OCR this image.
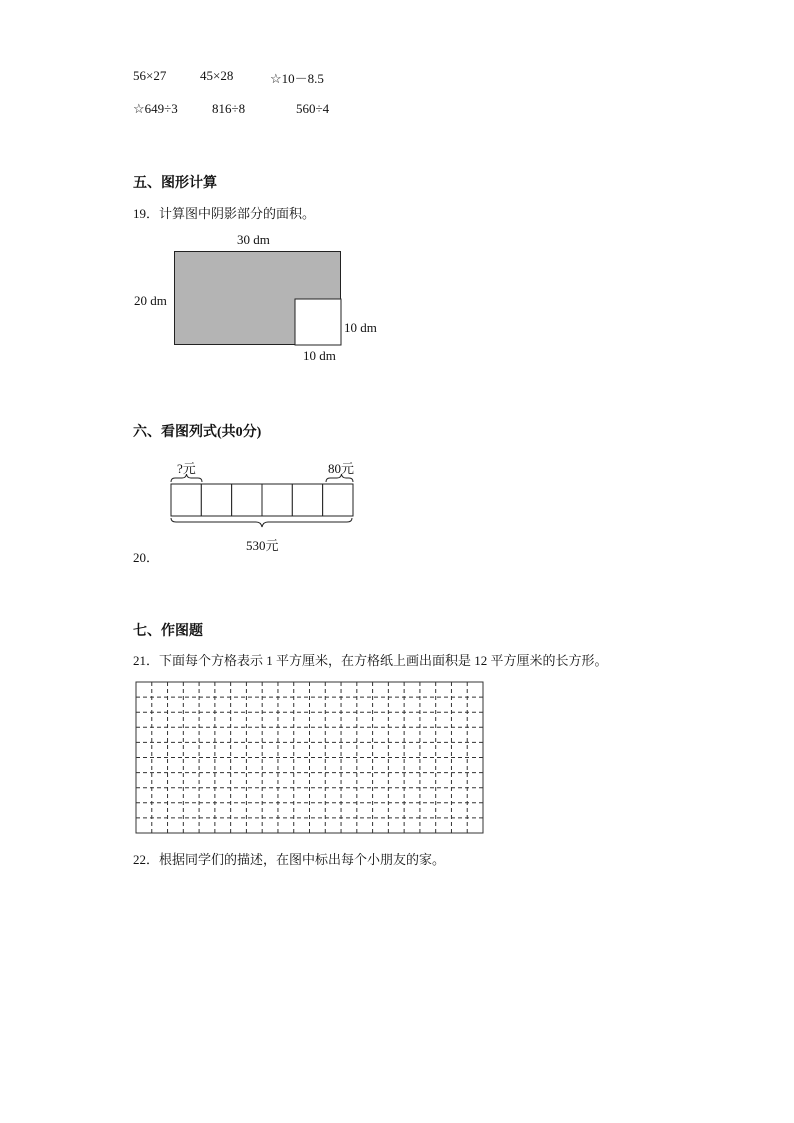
56×27	45×28	☆10－8.5
☆649÷3	816÷8	560÷4
五、图形计算
19．计算图中阴影部分的面积。
30 dm
20 dm
10 dm
10 dm
六、看图列式(共0分)
?元	80元
530元
20．
七、作图题
21．下面每个方格表示 1 平方厘米，在方格纸上画出面积是 12 平方厘米的长方形。
22．根据同学们的描述，在图中标出每个小朋友的家。
